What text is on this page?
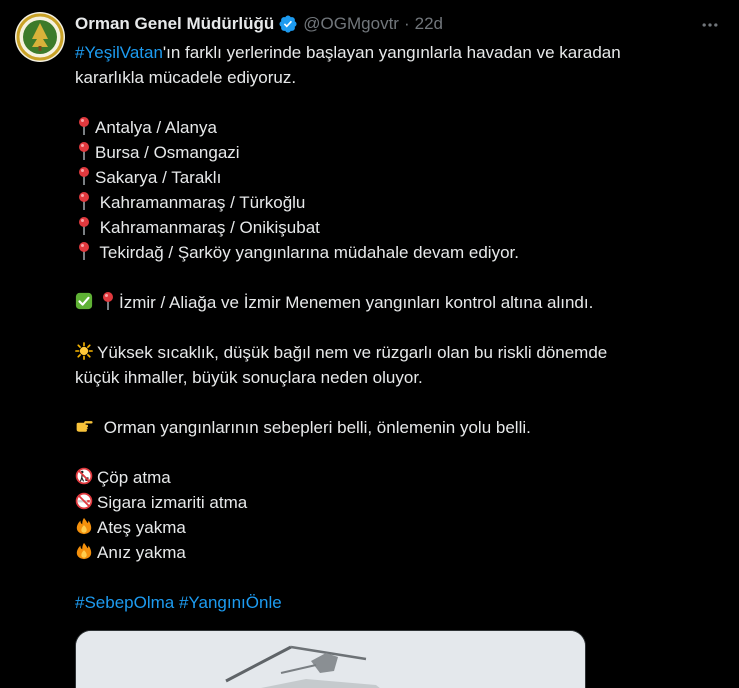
Orman Genel Müdürlüğü @OGMgovtr · 22d
#YeşilVatan'ın farklı yerlerinde başlayan yangınlarla havadan ve karadan
kararlıkla mücadele ediyoruz.
Antalya / Alanya
Bursa / Osmangazi
Sakarya / Taraklı
Kahramanmaraş / Türkoğlu
Kahramanmaraş / Onikişubat
Tekirdağ / Şarköy yangınlarına müdahale devam ediyor.
İzmir / Aliağa ve İzmir Menemen yangınları kontrol altına alındı.
Yüksek sıcaklık, düşük bağıl nem ve rüzgarlı olan bu riskli dönemde
küçük ihmaller, büyük sonuçlara neden oluyor.
Orman yangınlarının sebepleri belli, önlemenin yolu belli.
Çöp atma
Sigara izmariti atma
Ateş yakma
Anız yakma
#SebepOlma #YangınıÖnle
